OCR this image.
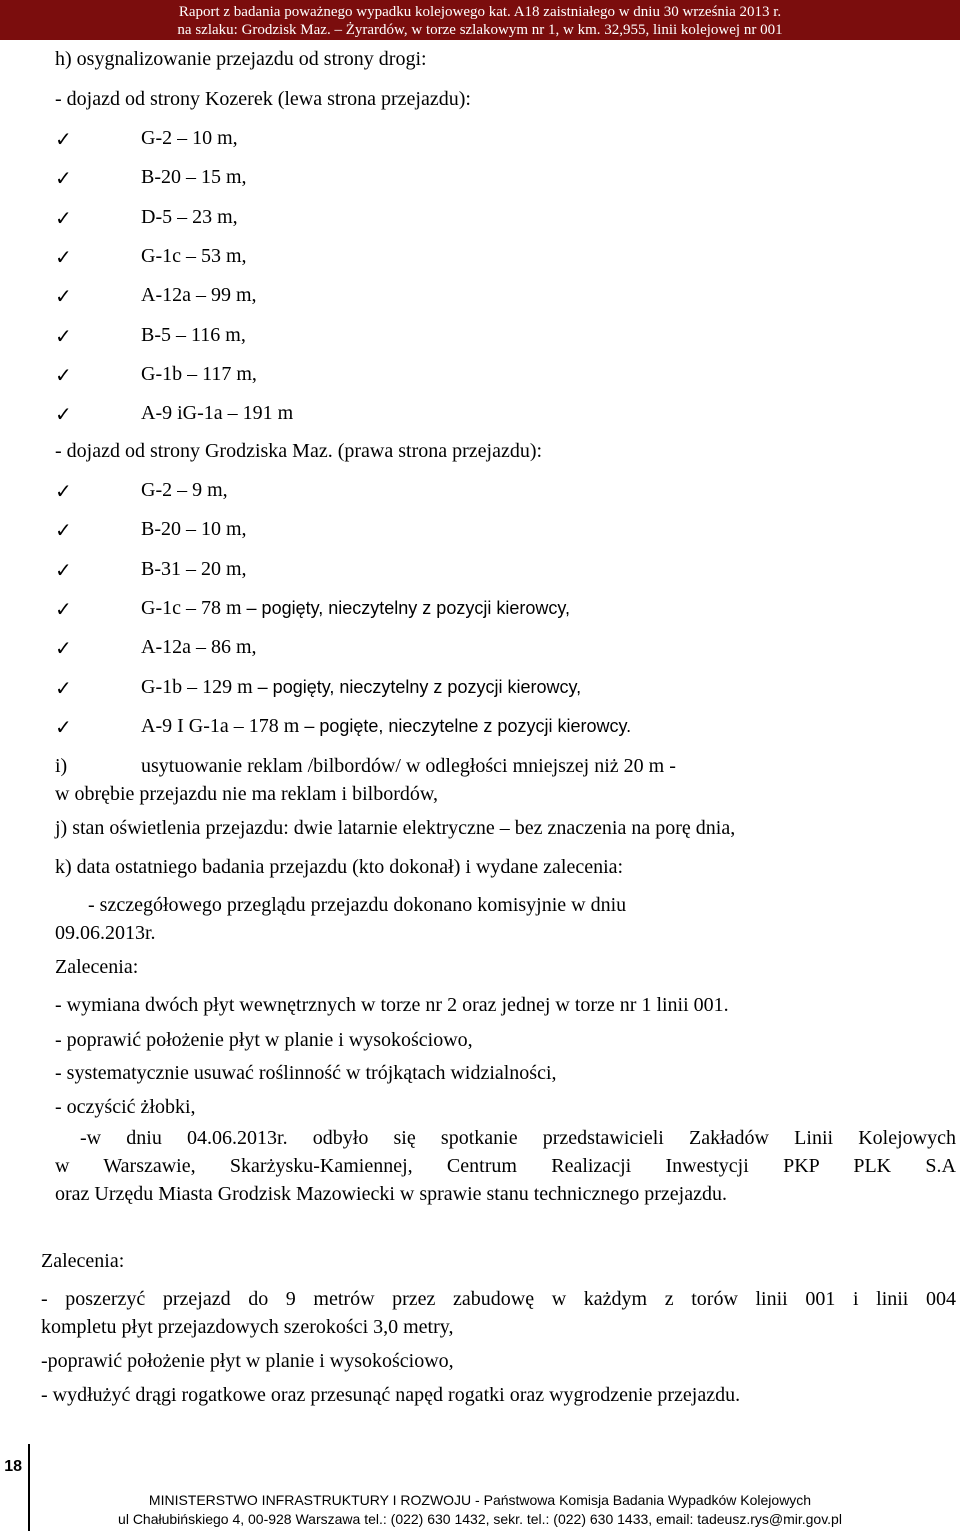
Raport z badania poważnego wypadku kolejowego kat. A18 zaistniałego w dniu 30 września 2013 r.
na szlaku: Grodzisk Maz. – Żyrardów, w torze szlakowym nr 1, w km. 32,955, linii kolejowej nr 001
h) osygnalizowanie przejazdu od strony drogi:
- dojazd od strony Kozerek (lewa strona przejazdu):
✓	G-2 – 10 m,
✓	B-20 – 15 m,
✓	D-5 – 23 m,
✓	G-1c – 53 m,
✓	A-12a – 99 m,
✓	B-5 – 116 m,
✓	G-1b – 117 m,
✓	A-9 iG-1a – 191 m
- dojazd od strony Grodziska Maz. (prawa strona przejazdu):
✓	G-2 – 9 m,
✓	B-20 – 10 m,
✓	B-31 – 20 m,
✓	G-1c – 78 m – pogięty, nieczytelny z pozycji kierowcy,
✓	A-12a – 86 m,
✓	G-1b – 129 m – pogięty, nieczytelny z pozycji kierowcy,
✓	A-9 I G-1a – 178 m – pogięte, nieczytelne z pozycji kierowcy.
i)	usytuowanie reklam /bilbordów/ w odległości mniejszej niż 20 m -
w obrębie przejazdu nie ma reklam i bilbordów,
j) stan oświetlenia przejazdu: dwie latarnie elektryczne – bez znaczenia na porę dnia,
k) data ostatniego badania przejazdu (kto dokonał) i wydane zalecenia:
- szczegółowego przeglądu przejazdu dokonano komisyjnie w dniu
09.06.2013r.
Zalecenia:
- wymiana dwóch płyt wewnętrznych w torze nr 2 oraz jednej w torze nr 1 linii 001.
- poprawić położenie płyt w planie i wysokościowo,
- systematycznie usuwać roślinność w trójkątach widzialności,
- oczyścić żłobki,
-w dniu 04.06.2013r. odbyło się spotkanie przedstawicieli Zakładów Linii Kolejowych
w Warszawie, Skarżysku-Kamiennej, Centrum Realizacji Inwestycji PKP PLK S.A
oraz Urzędu Miasta Grodzisk Mazowiecki w sprawie stanu technicznego przejazdu.
Zalecenia:
- poszerzyć przejazd do 9 metrów przez zabudowę w każdym z torów linii 001 i linii 004
kompletu płyt przejazdowych szerokości 3,0 metry,
-poprawić położenie płyt w planie i wysokościowo,
- wydłużyć drągi rogatkowe oraz przesunąć napęd rogatki oraz wygrodzenie przejazdu.
18
MINISTERSTWO INFRASTRUKTURY I ROZWOJU - Państwowa Komisja Badania Wypadków Kolejowych
ul Chałubińskiego 4, 00-928 Warszawa tel.: (022) 630 1432, sekr. tel.: (022) 630 1433, email: tadeusz.rys@mir.gov.pl
